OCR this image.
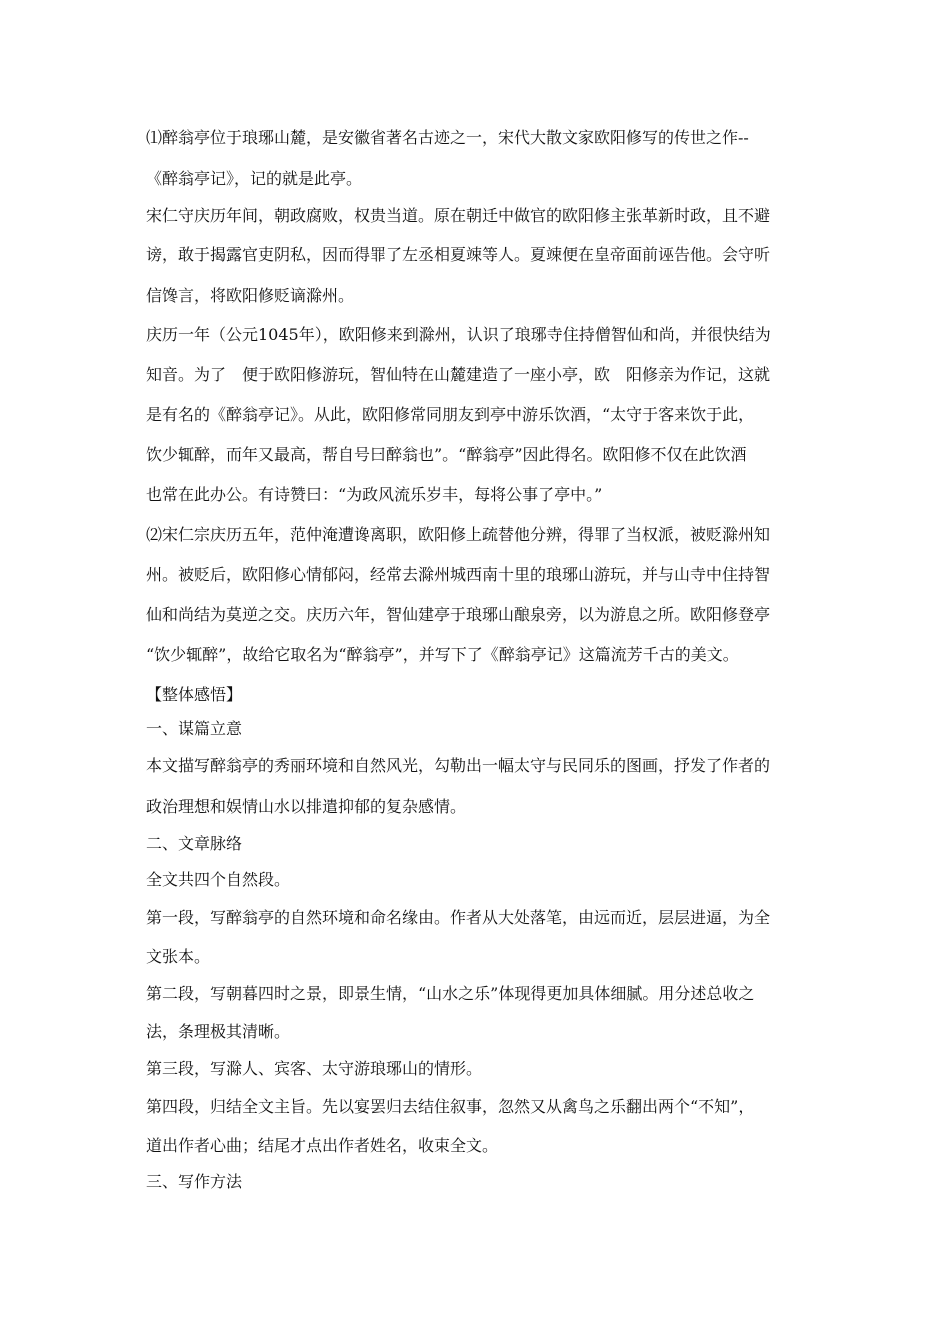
⑴醉翁亭位于琅琊山麓，是安徽省著名古迹之一，宋代大散文家欧阳修写的传世之作--
《醉翁亭记》，记的就是此亭。
宋仁守庆历年间，朝政腐败，权贵当道。原在朝迁中做官的欧阳修主张革新时政，且不避
谤，敢于揭露官吏阴私，因而得罪了左丞相夏竦等人。夏竦便在皇帝面前诬告他。会守听
信馋言，将欧阳修贬谪滁州。
庆历一年（公元1045年），欧阳修来到滁州，认识了琅琊寺住持僧智仙和尚，并很快结为
知音。为了　便于欧阳修游玩，智仙特在山麓建造了一座小亭，欧　阳修亲为作记，这就
是有名的《醉翁亭记》。从此，欧阳修常同朋友到亭中游乐饮酒，“太守于客来饮于此，
饮少辄醉，而年又最高，帮自号曰醉翁也”。“醉翁亭”因此得名。欧阳修不仅在此饮酒
也常在此办公。有诗赞曰：“为政风流乐岁丰，每将公事了亭中。”
⑵宋仁宗庆历五年，范仲淹遭谗离职，欧阳修上疏替他分辨，得罪了当权派，被贬滁州知
州。被贬后，欧阳修心情郁闷，经常去滁州城西南十里的琅琊山游玩，并与山寺中住持智
仙和尚结为莫逆之交。庆历六年，智仙建亭于琅琊山酿泉旁，以为游息之所。欧阳修登亭
“饮少辄醉”，故给它取名为“醉翁亭”，并写下了《醉翁亭记》这篇流芳千古的美文。
【整体感悟】
一、谋篇立意
本文描写醉翁亭的秀丽环境和自然风光，勾勒出一幅太守与民同乐的图画，抒发了作者的
政治理想和娱情山水以排遣抑郁的复杂感情。
二、文章脉络
全文共四个自然段。
第一段，写醉翁亭的自然环境和命名缘由。作者从大处落笔，由远而近，层层进逼，为全
文张本。
第二段，写朝暮四时之景，即景生情，“山水之乐”体现得更加具体细腻。用分述总收之
法，条理极其清晰。
第三段，写滁人、宾客、太守游琅琊山的情形。
第四段，归结全文主旨。先以宴罢归去结住叙事，忽然又从禽鸟之乐翻出两个“不知”，
道出作者心曲；结尾才点出作者姓名，收束全文。
三、写作方法
